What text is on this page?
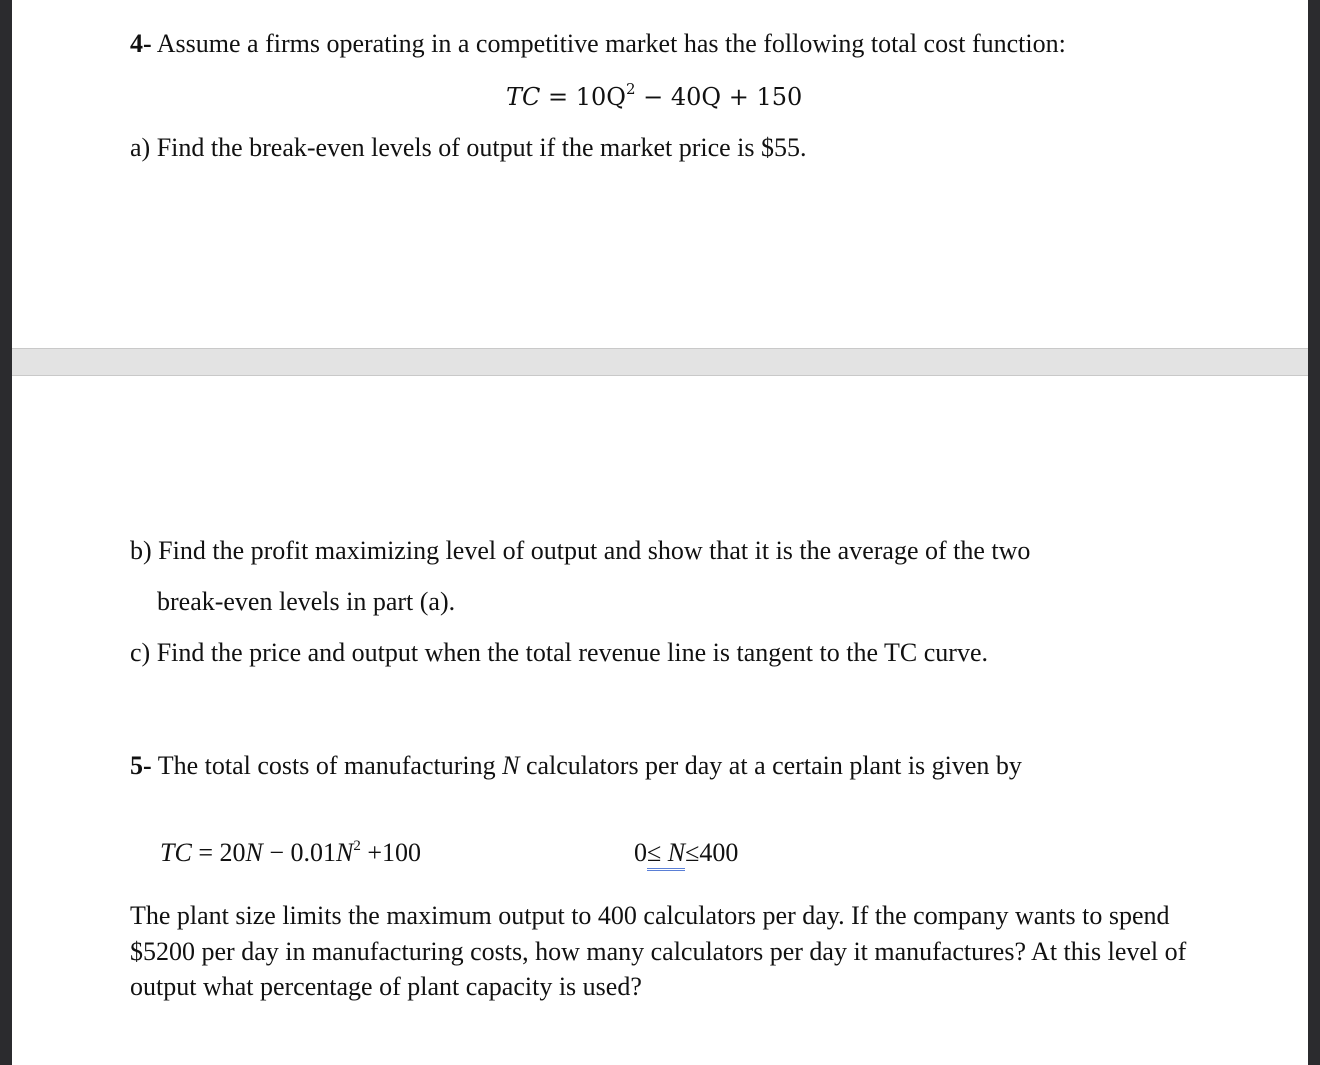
4- Assume a firms operating in a competitive market has the following total cost function:
TC = $10Q^2 - 40Q + 150$
a) Find the break-even levels of output if the market price is $55.
b) Find the profit maximizing level of output and show that it is the average of the two
break-even levels in part (a).
c) Find the price and output when the total revenue line is tangent to the TC curve.
5- The total costs of manufacturing N calculators per day at a certain plant is given by
TC = $20N - 0.01N^2 +100$	0≤ N≤400
The plant size limits the maximum output to 400 calculators per day. If the company wants to spend $5200 per day in manufacturing costs, how many calculators per day it manufactures? At this level of output what percentage of plant capacity is used?
